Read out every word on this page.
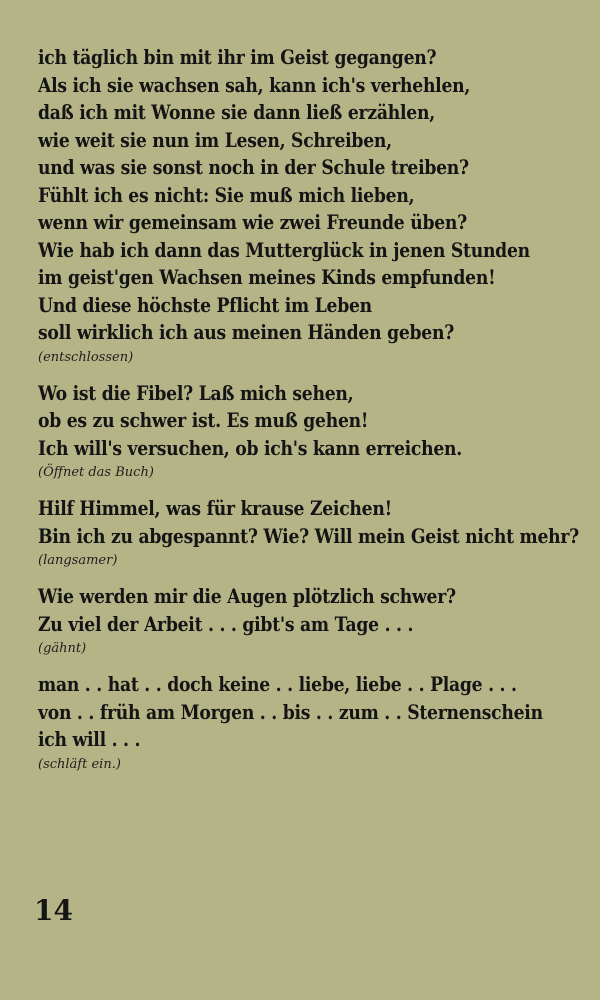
ich täglich bin mit ihr im Geist gegangen?
Als ich sie wachsen sah, kann ich's verhehlen,
daß ich mit Wonne sie dann ließ erzählen,
wie weit sie nun im Lesen, Schreiben,
und was sie sonst noch in der Schule treiben?
Fühlt ich es nicht: Sie muß mich lieben,
wenn wir gemeinsam wie zwei Freunde üben?
Wie hab ich dann das Mutterglück in jenen Stunden
im geist'gen Wachsen meines Kinds empfunden!
Und diese höchste Pflicht im Leben
soll wirklich ich aus meinen Händen geben?
(entschlossen)
Wo ist die Fibel? Laß mich sehen,
ob es zu schwer ist. Es muß gehen!
Ich will's versuchen, ob ich's kann erreichen.
(Öffnet das Buch)
Hilf Himmel, was für krause Zeichen!
Bin ich zu abgespannt? Wie? Will mein Geist nicht mehr?
(langsamer)
Wie werden mir die Augen plötzlich schwer?
Zu viel der Arbeit . . . gibt's am Tage . . .
(gähnt)
man . . hat . . doch keine . . liebe, liebe . . Plage . . .
von . . früh am Morgen . . bis . . zum . . Sternenschein
ich will . . .
(schläft ein.)
14
